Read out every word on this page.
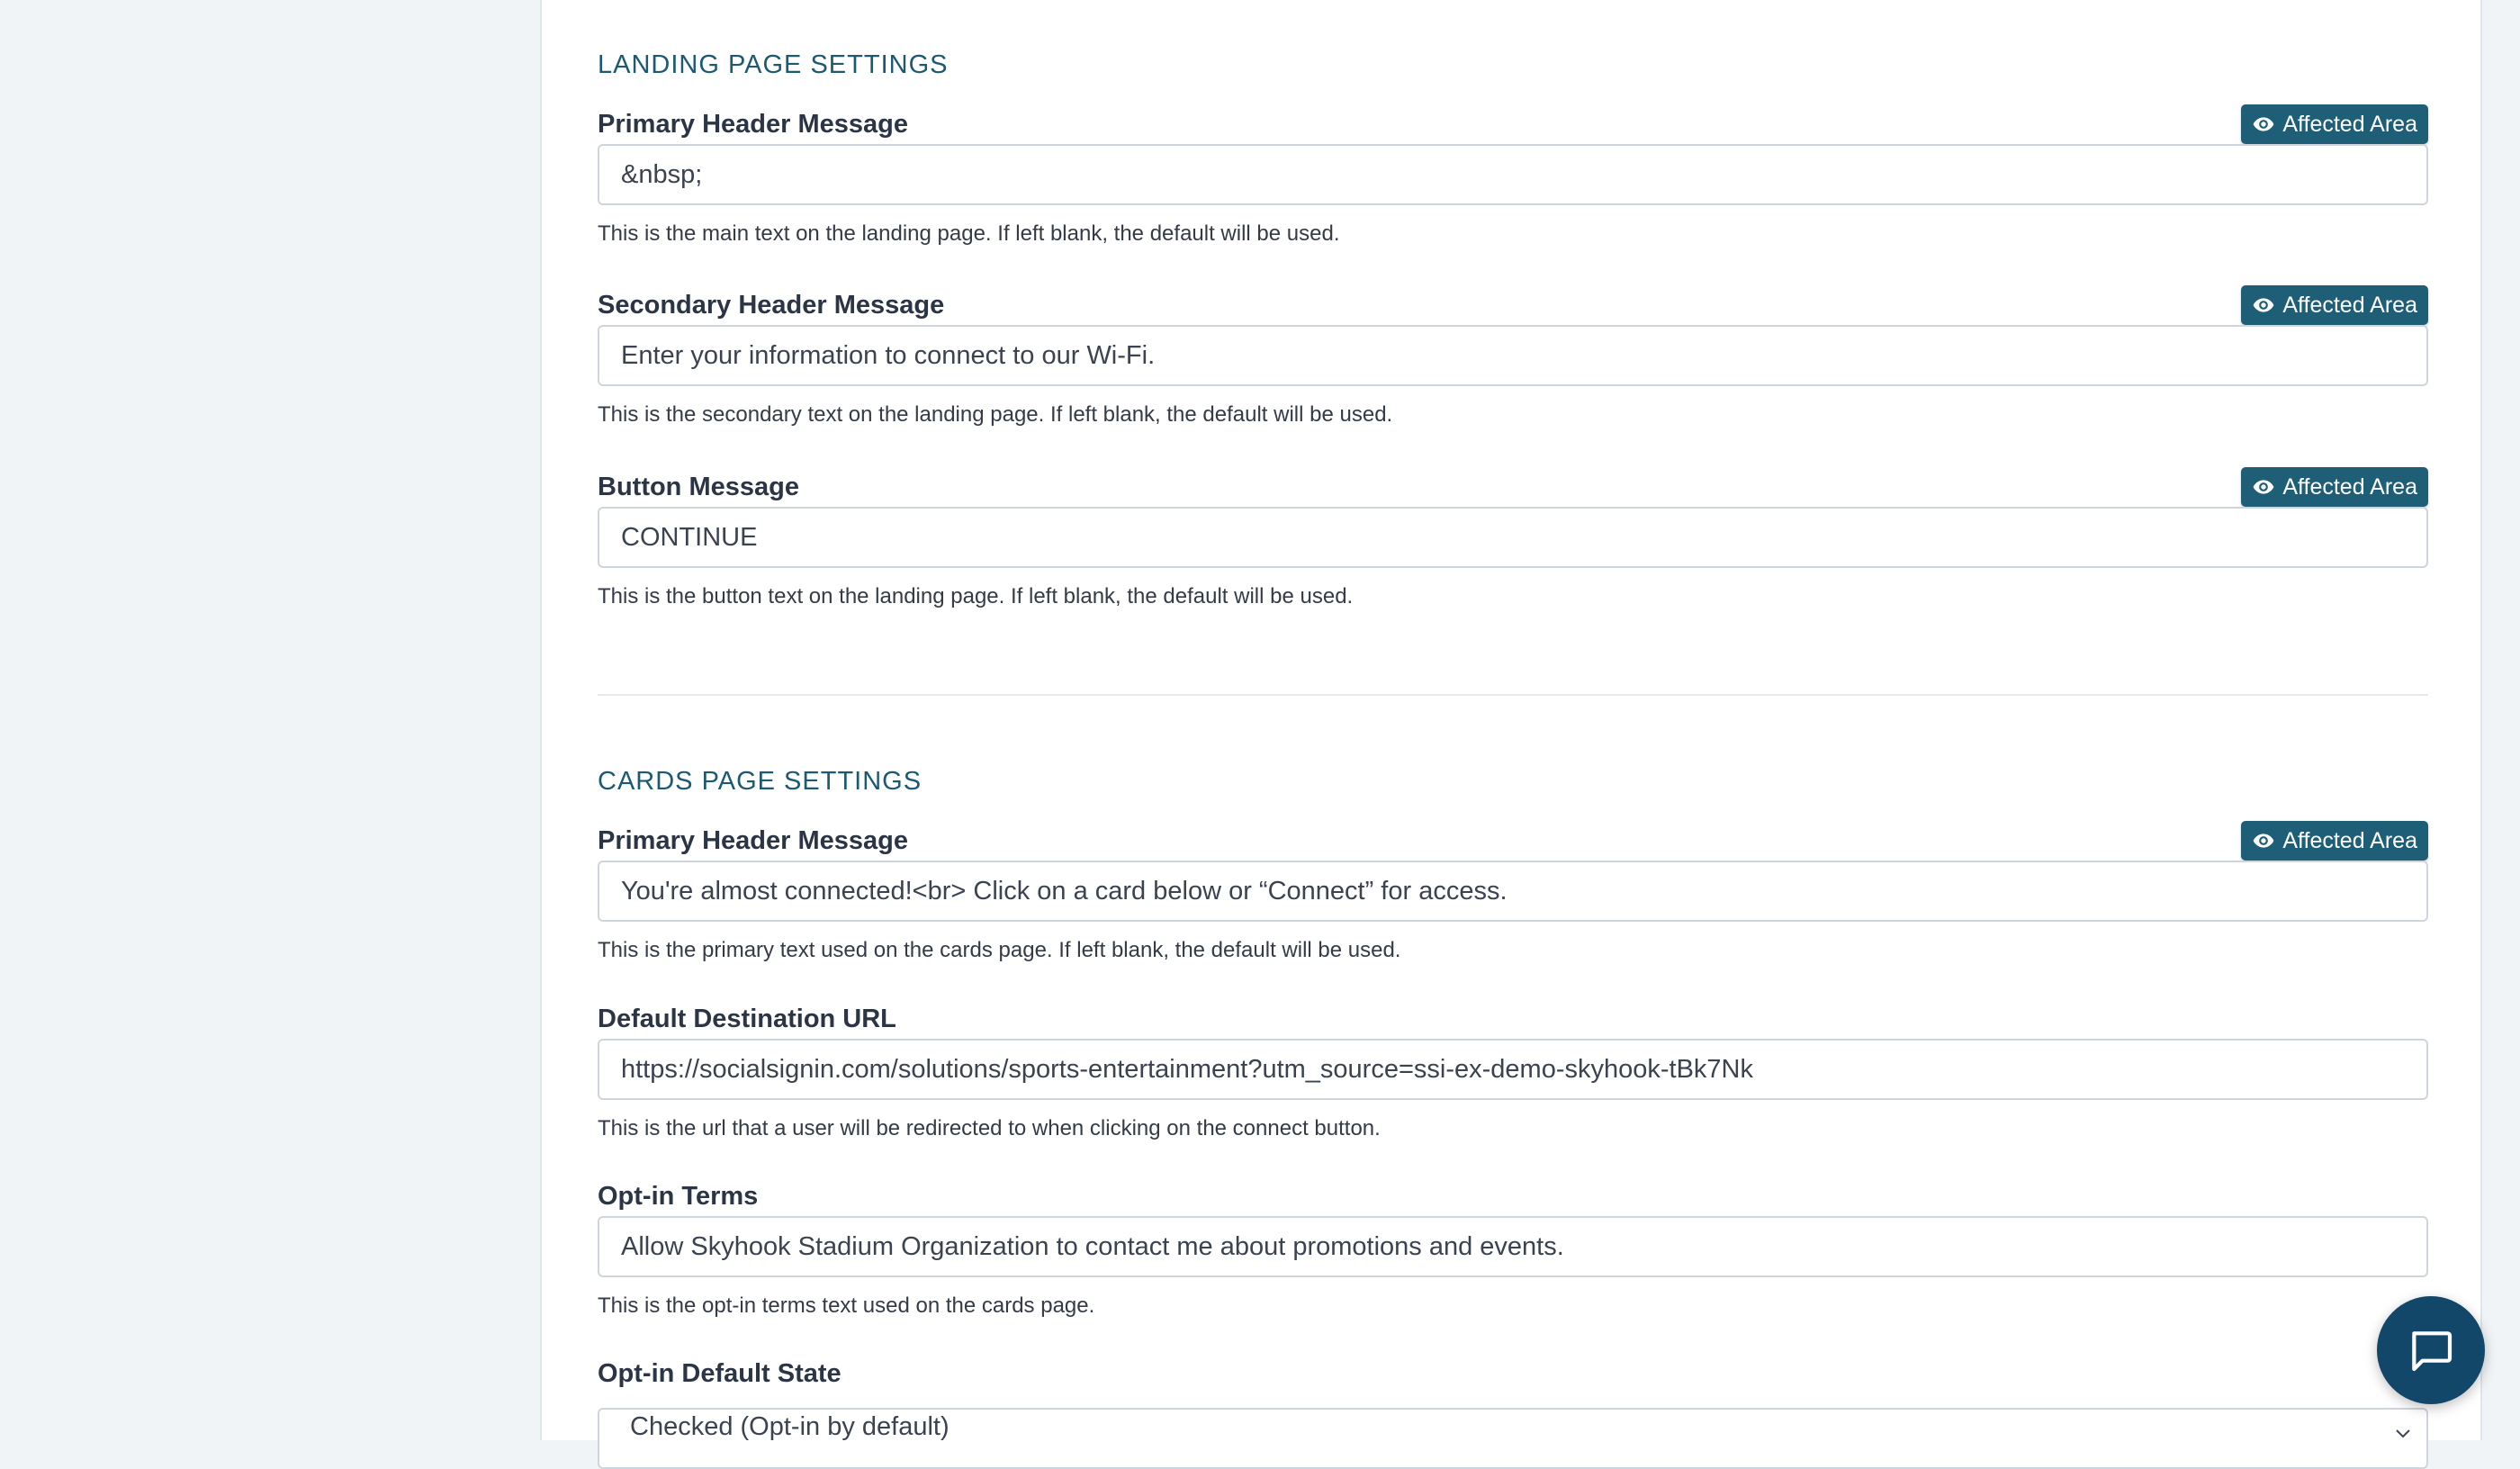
LANDING PAGE SETTINGS
Primary Header Message	Affected Area
&nbsp;
This is the main text on the landing page. If left blank, the default will be used.
Secondary Header Message	Affected Area
Enter your information to connect to our Wi-Fi.
This is the secondary text on the landing page. If left blank, the default will be used.
Button Message	Affected Area
CONTINUE
This is the button text on the landing page. If left blank, the default will be used.
CARDS PAGE SETTINGS
Primary Header Message	Affected Area
You're almost connected!<br> Click on a card below or “Connect” for access.
This is the primary text used on the cards page. If left blank, the default will be used.
Default Destination URL
https://socialsignin.com/solutions/sports-entertainment?utm_source=ssi-ex-demo-skyhook-tBk7Nk
This is the url that a user will be redirected to when clicking on the connect button.
Opt-in Terms
Allow Skyhook Stadium Organization to contact me about promotions and events.
This is the opt-in terms text used on the cards page.
Opt-in Default State
Checked (Opt-in by default)
